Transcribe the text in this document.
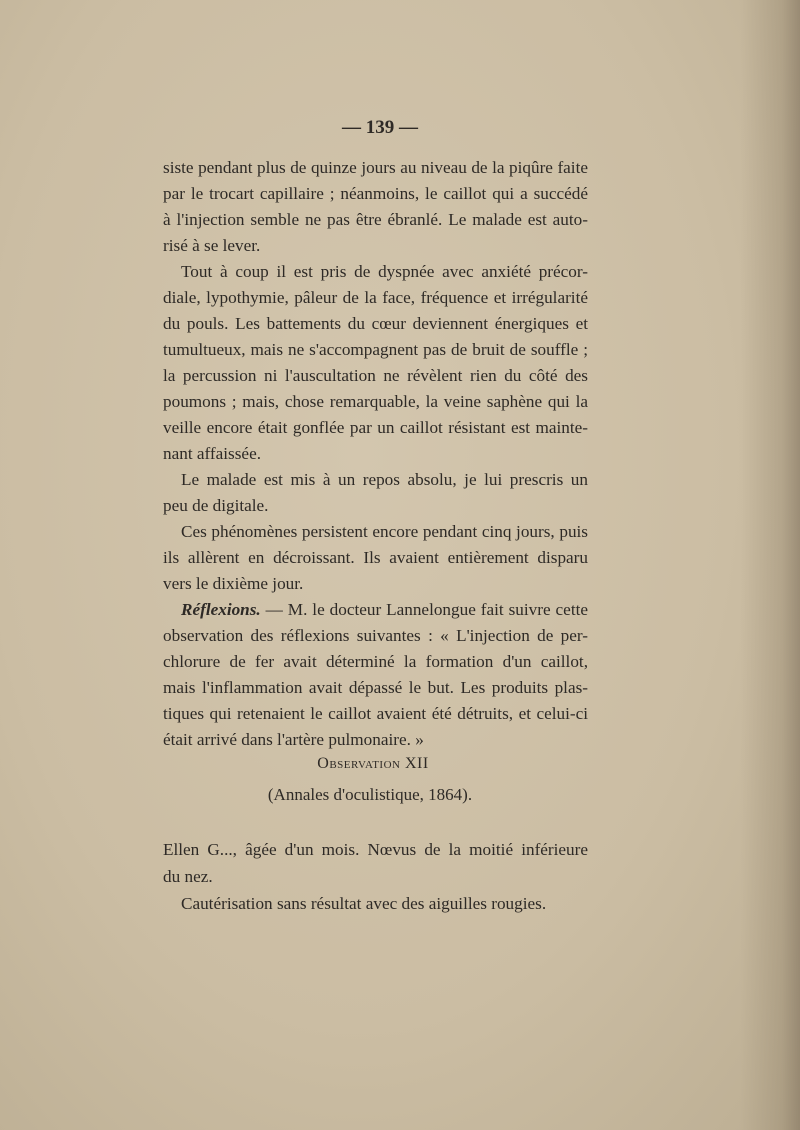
— 139 —
siste pendant plus de quinze jours au niveau de la piqûre faite
par le trocart capillaire ; néanmoins, le caillot qui a succédé
à l'injection semble ne pas être ébranlé. Le malade est auto-
risé à se lever.
Tout à coup il est pris de dyspnée avec anxiété précor-
diale, lypothymie, pâleur de la face, fréquence et irrégularité
du pouls. Les battements du cœur deviennent énergiques et
tumultueux, mais ne s'accompagnent pas de bruit de souffle ;
la percussion ni l'auscultation ne révèlent rien du côté des
poumons ; mais, chose remarquable, la veine saphène qui la
veille encore était gonflée par un caillot résistant est mainte-
nant affaissée.
Le malade est mis à un repos absolu, je lui prescris un
peu de digitale.
Ces phénomènes persistent encore pendant cinq jours, puis
ils allèrent en décroissant. Ils avaient entièrement disparu
vers le dixième jour.
Réflexions. — M. le docteur Lannelongue fait suivre cette
observation des réflexions suivantes : « L'injection de per-
chlorure de fer avait déterminé la formation d'un caillot,
mais l'inflammation avait dépassé le but. Les produits plas-
tiques qui retenaient le caillot avaient été détruits, et celui-ci
était arrivé dans l'artère pulmonaire. »
Observation XII
(Annales d'oculistique, 1864).
Ellen G..., âgée d'un mois. Nœvus de la moitié inférieure
du nez.
Cautérisation sans résultat avec des aiguilles rougies.
